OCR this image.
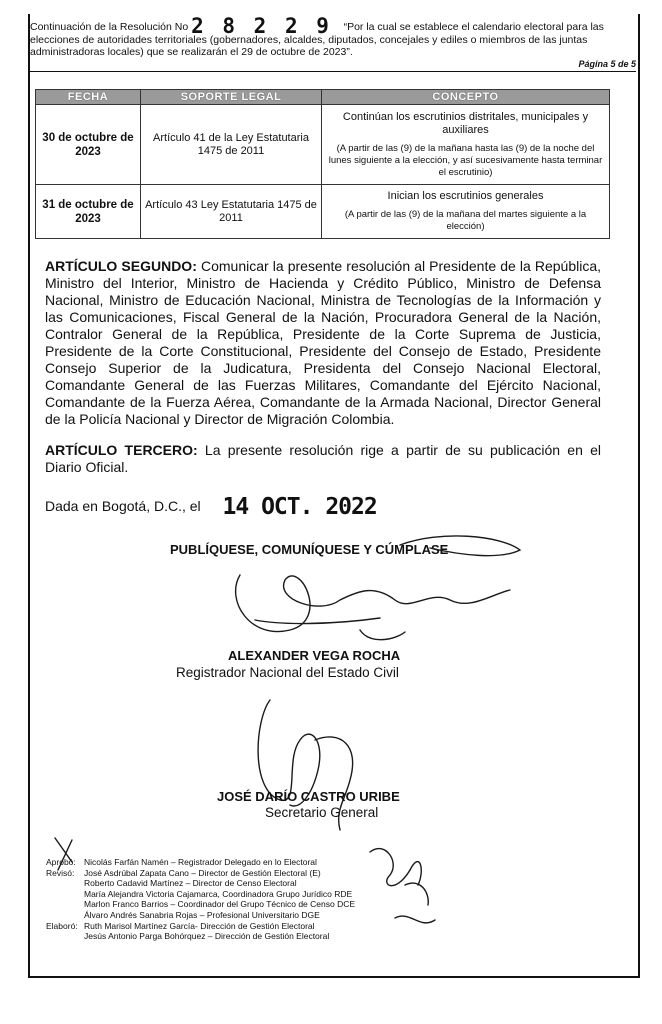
Continuación de la Resolución No 2 8 2 2 9 “Por la cual se establece el calendario electoral para las elecciones de autoridades territoriales (gobernadores, alcaldes, diputados, concejales y ediles o miembros de las juntas administradoras locales) que se realizarán el 29 de octubre de 2023”.
Página 5 de 5
FECHA	SOPORTE LEGAL	CONCEPTO
30 de octubre de 2023	Artículo 41 de la Ley Estatutaria 1475 de 2011	Continúan los escrutinios distritales, municipales y auxiliares
(A partir de las (9) de la mañana hasta las (9) de la noche del lunes siguiente a la elección, y así sucesivamente hasta terminar el escrutinio)

31 de octubre de 2023	Artículo 43 Ley Estatutaria 1475 de 2011	Inician los escrutinios generales
(A partir de las (9) de la mañana del martes siguiente a la elección)
ARTÍCULO SEGUNDO: Comunicar la presente resolución al Presidente de la República, Ministro del Interior, Ministro de Hacienda y Crédito Público, Ministro de Defensa Nacional, Ministro de Educación Nacional, Ministra de Tecnologías de la Información y las Comunicaciones, Fiscal General de la Nación, Procuradora General de la Nación, Contralor General de la República, Presidente de la Corte Suprema de Justicia, Presidente de la Corte Constitucional, Presidente del Consejo de Estado, Presidente Consejo Superior de la Judicatura, Presidenta del Consejo Nacional Electoral, Comandante General de las Fuerzas Militares, Comandante del Ejército Nacional, Comandante de la Fuerza Aérea, Comandante de la Armada Nacional, Director General de la Policía Nacional y Director de Migración Colombia.
ARTÍCULO TERCERO: La presente resolución rige a partir de su publicación en el Diario Oficial.
Dada en Bogotá, D.C., el 14 OCT. 2022
PUBLÍQUESE, COMUNÍQUESE Y CÚMPLASE
ALEXANDER VEGA ROCHA
Registrador Nacional del Estado Civil
JOSÉ DARÍO CASTRO URIBE
Secretario General
Aprobó: Nicolás Farfán Namén – Registrador Delegado en lo Electoral
Revisó: José Asdrúbal Zapata Cano – Director de Gestión Electoral (E)
Roberto Cadavid Martínez – Director de Censo Electoral
María Alejandra Victoria Cajamarca, Coordinadora Grupo Jurídico RDE
Marlon Franco Barrios – Coordinador del Grupo Técnico de Censo DCE
Álvaro Andrés Sanabria Rojas – Profesional Universitario DGE
Elaboró: Ruth Marisol Martínez García- Dirección de Gestión Electoral
Jesús Antonio Parga Bohórquez – Dirección de Gestión Electoral
